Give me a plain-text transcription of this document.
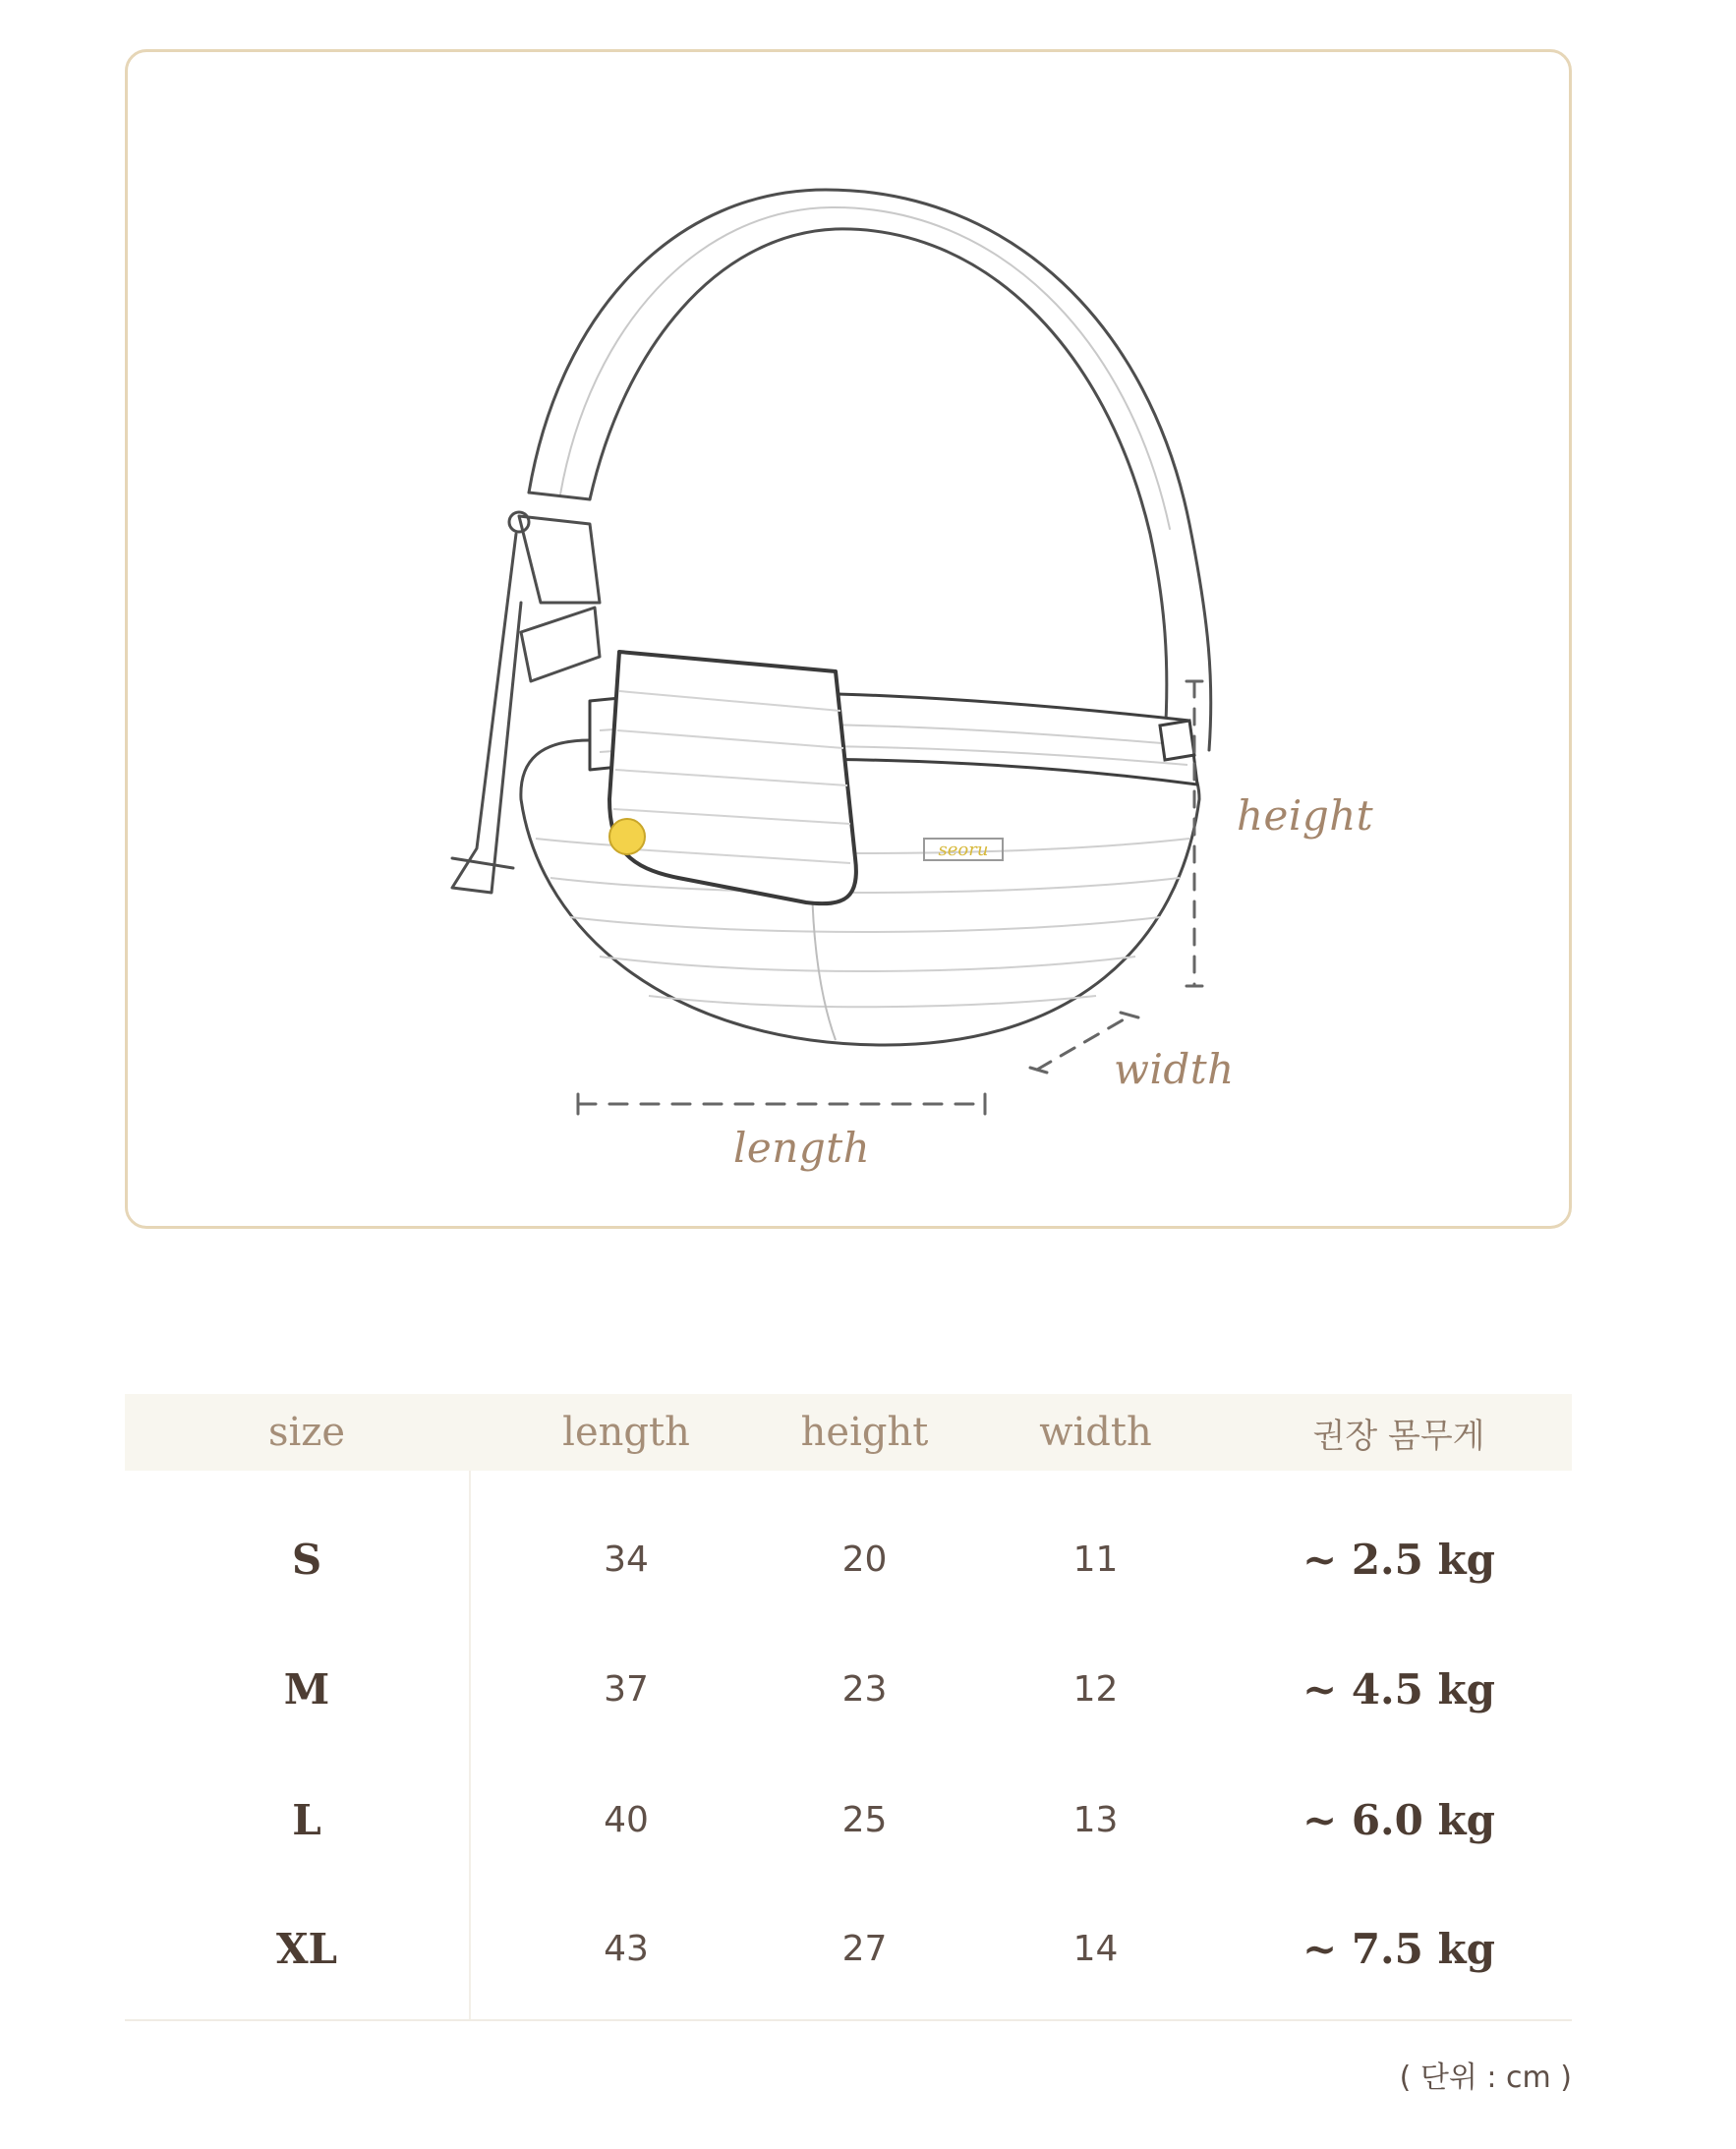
seoru
height
width
length
size	length	height	width	권장 몸무게
S	34	20	11	~ 2.5 kg
M	37	23	12	~ 4.5 kg
L	40	25	13	~ 6.0 kg
XL	43	27	14	~ 7.5 kg
( 단위 : cm )
